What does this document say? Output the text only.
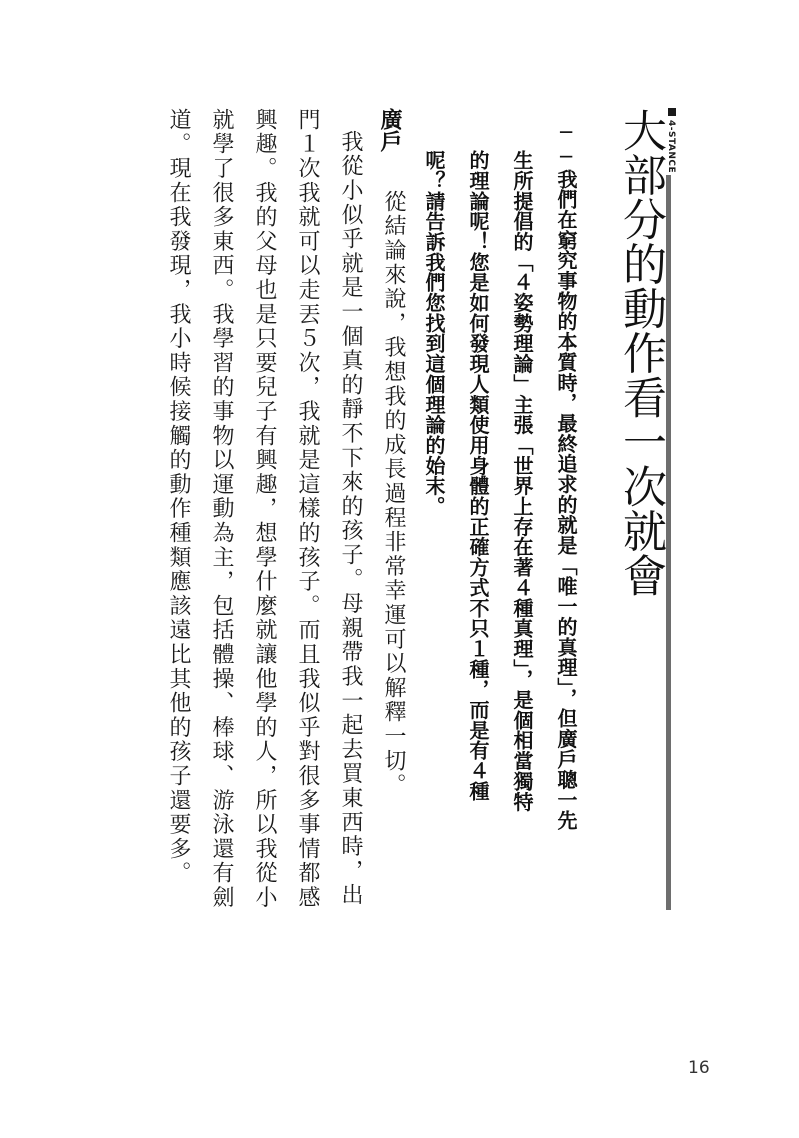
4-STANCE
大部分的動作看一次就會
──我們在窮究事物的本質時，最終追求的就是「唯一的真理」，但廣戶聰一先
生所提倡的「４姿勢理論」主張「世界上存在著４種真理」，是個相當獨特
的理論呢！您是如何發現人類使用身體的正確方式不只１種，而是有４種
呢？請告訴我們您找到這個理論的始末。
廣戶
從結論來說，我想我的成長過程非常幸運可以解釋一切。
我從小似乎就是一個真的靜不下來的孩子。母親帶我一起去買東西時，出
門１次我就可以走丟５次，我就是這樣的孩子。而且我似乎對很多事情都感
興趣。我的父母也是只要兒子有興趣，想學什麼就讓他學的人，所以我從小
就學了很多東西。我學習的事物以運動為主，包括體操、棒球、游泳還有劍
道。現在我發現，我小時候接觸的動作種類應該遠比其他的孩子還要多。
16
